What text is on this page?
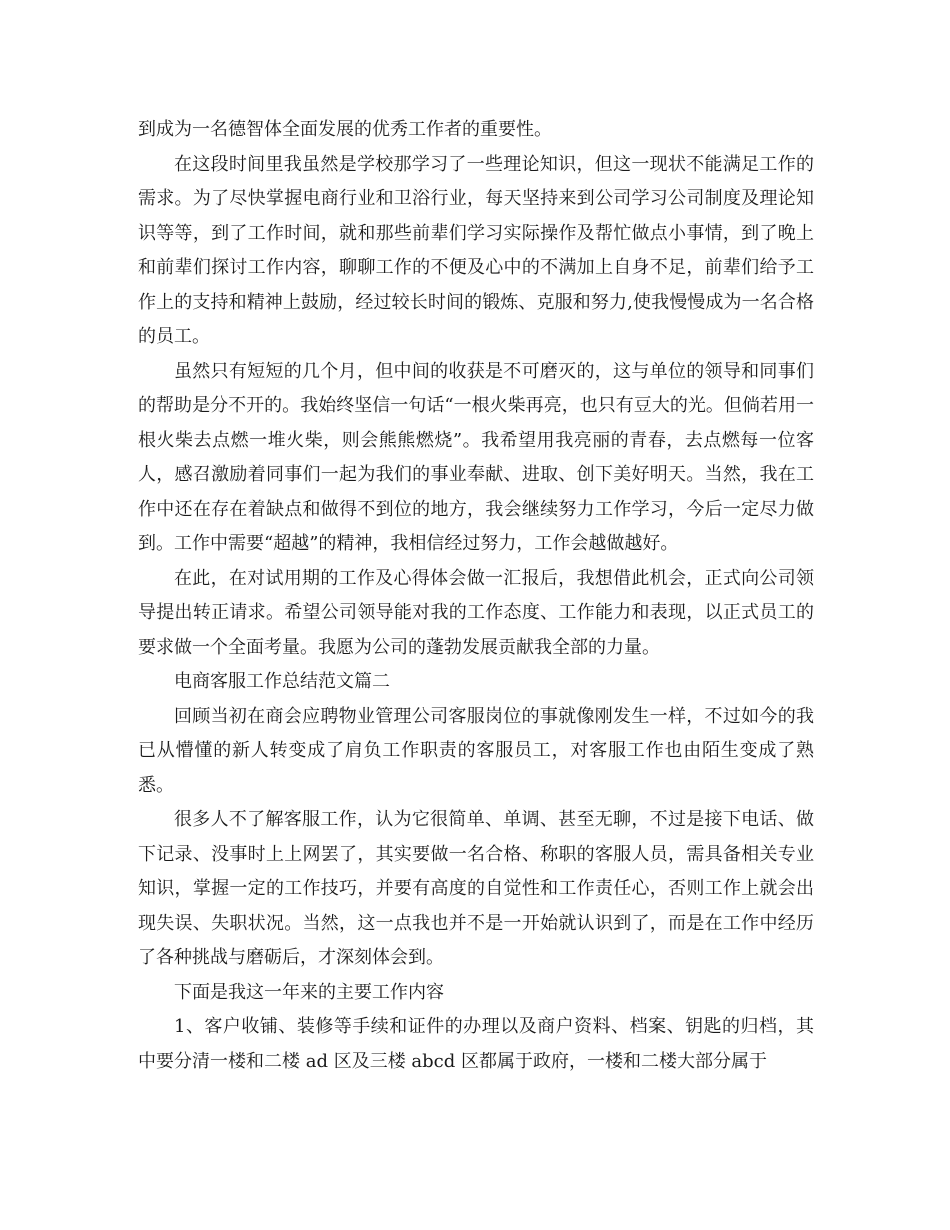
到成为一名德智体全面发展的优秀工作者的重要性。

在这段时间里我虽然是学校那学习了一些理论知识，但这一现状不能满足工作的需求。为了尽快掌握电商行业和卫浴行业，每天坚持来到公司学习公司制度及理论知识等等，到了工作时间，就和那些前辈们学习实际操作及帮忙做点小事情，到了晚上和前辈们探讨工作内容，聊聊工作的不便及心中的不满加上自身不足，前辈们给予工作上的支持和精神上鼓励，经过较长时间的锻炼、克服和努力,使我慢慢成为一名合格的员工。

虽然只有短短的几个月，但中间的收获是不可磨灭的，这与单位的领导和同事们的帮助是分不开的。我始终坚信一句话“一根火柴再亮，也只有豆大的光。但倘若用一根火柴去点燃一堆火柴，则会熊熊燃烧”。我希望用我亮丽的青春，去点燃每一位客人，感召激励着同事们一起为我们的事业奉献、进取、创下美好明天。当然，我在工作中还在存在着缺点和做得不到位的地方，我会继续努力工作学习，今后一定尽力做到。工作中需要“超越”的精神，我相信经过努力，工作会越做越好。

在此，在对试用期的工作及心得体会做一汇报后，我想借此机会，正式向公司领导提出转正请求。希望公司领导能对我的工作态度、工作能力和表现，以正式员工的要求做一个全面考量。我愿为公司的蓬勃发展贡献我全部的力量。

电商客服工作总结范文篇二

回顾当初在商会应聘物业管理公司客服岗位的事就像刚发生一样，不过如今的我已从懵懂的新人转变成了肩负工作职责的客服员工，对客服工作也由陌生变成了熟悉。

很多人不了解客服工作，认为它很简单、单调、甚至无聊，不过是接下电话、做下记录、没事时上上网罢了，其实要做一名合格、称职的客服人员，需具备相关专业知识，掌握一定的工作技巧，并要有高度的自觉性和工作责任心，否则工作上就会出现失误、失职状况。当然，这一点我也并不是一开始就认识到了，而是在工作中经历了各种挑战与磨砺后，才深刻体会到。

下面是我这一年来的主要工作内容

1、客户收铺、装修等手续和证件的办理以及商户资料、档案、钥匙的归档，其中要分清一楼和二楼 ad 区及三楼 abcd 区都属于政府，一楼和二楼大部分属于
